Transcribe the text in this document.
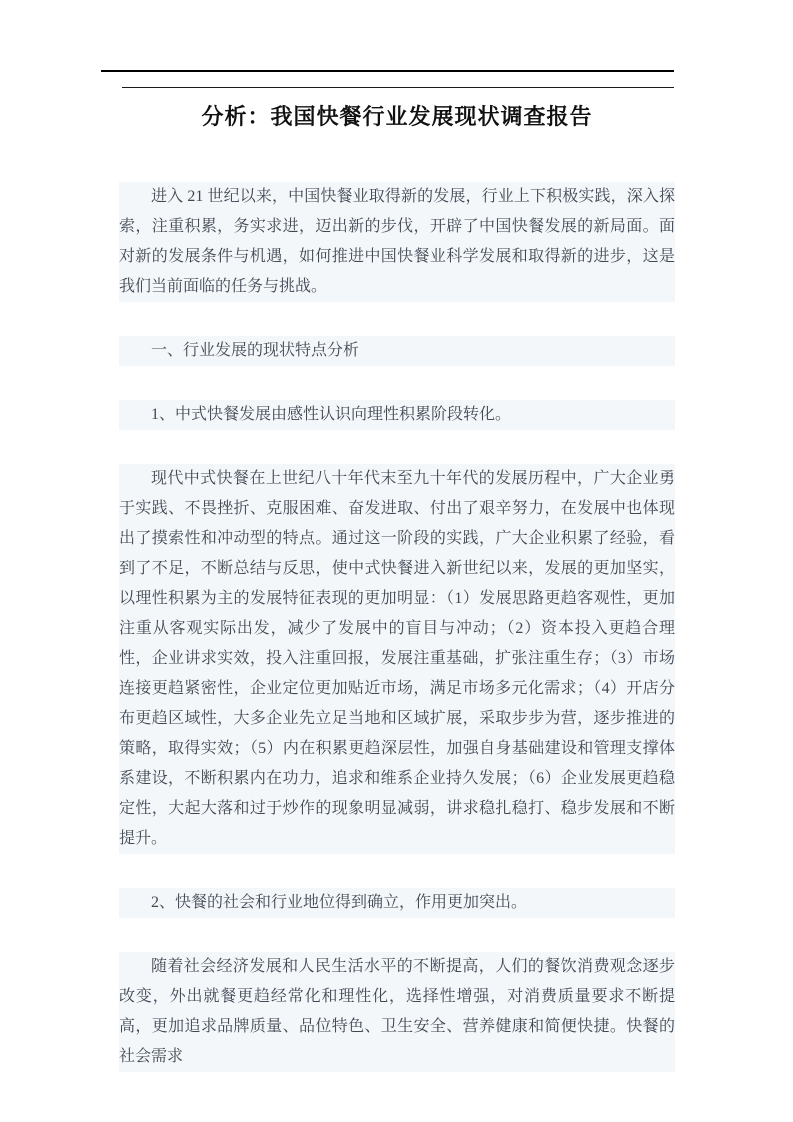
分析：我国快餐行业发展现状调查报告

进入 21 世纪以来，中国快餐业取得新的发展，行业上下积极实践，深入探索，注重积累，务实求进，迈出新的步伐，开辟了中国快餐发展的新局面。面对新的发展条件与机遇，如何推进中国快餐业科学发展和取得新的进步，这是我们当前面临的任务与挑战。

一、行业发展的现状特点分析

1、中式快餐发展由感性认识向理性积累阶段转化。

现代中式快餐在上世纪八十年代末至九十年代的发展历程中，广大企业勇于实践、不畏挫折、克服困难、奋发进取、付出了艰辛努力，在发展中也体现出了摸索性和冲动型的特点。通过这一阶段的实践，广大企业积累了经验，看到了不足，不断总结与反思，使中式快餐进入新世纪以来，发展的更加坚实，以理性积累为主的发展特征表现的更加明显：（1）发展思路更趋客观性，更加注重从客观实际出发，减少了发展中的盲目与冲动；（2）资本投入更趋合理性，企业讲求实效，投入注重回报，发展注重基础，扩张注重生存；（3）市场连接更趋紧密性，企业定位更加贴近市场，满足市场多元化需求；（4）开店分布更趋区域性，大多企业先立足当地和区域扩展，采取步步为营，逐步推进的策略，取得实效；（5）内在积累更趋深层性，加强自身基础建设和管理支撑体系建设，不断积累内在功力，追求和维系企业持久发展；（6）企业发展更趋稳定性，大起大落和过于炒作的现象明显减弱，讲求稳扎稳打、稳步发展和不断提升。

2、快餐的社会和行业地位得到确立，作用更加突出。

随着社会经济发展和人民生活水平的不断提高，人们的餐饮消费观念逐步改变，外出就餐更趋经常化和理性化，选择性增强，对消费质量要求不断提高，更加追求品牌质量、品位特色、卫生安全、营养健康和简便快捷。快餐的社会需求
